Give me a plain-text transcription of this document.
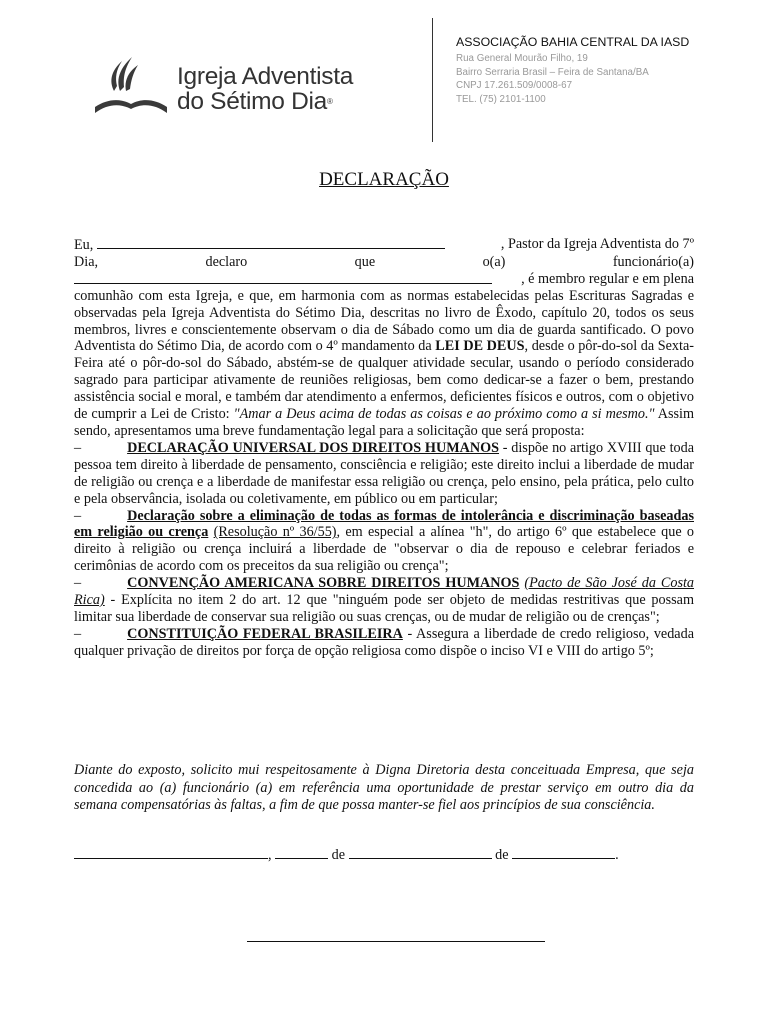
Igreja Adventista
do Sétimo Dia®
ASSOCIAÇÃO BAHIA CENTRAL DA IASD
Rua General Mourão Filho, 19
Bairro Serraria Brasil – Feira de Santana/BA
CNPJ 17.261.509/0008-67
TEL. (75) 2101-1100
DECLARAÇÃO
Eu,	, Pastor da Igreja Adventista do 7º
Dia,	declaro	que	o(a)	funcionário(a)
, é membro regular e em plena

comunhão com esta Igreja, e que, em harmonia com as normas estabelecidas pelas Escrituras Sagradas e observadas pela Igreja Adventista do Sétimo Dia, descritas no livro de Êxodo, capítulo 20, todos os seus membros, livres e conscientemente observam o dia de Sábado como um dia de guarda santificado. O povo Adventista do Sétimo Dia, de acordo com o 4º mandamento da LEI DE DEUS, desde o pôr-do-sol da Sexta-Feira até o pôr-do-sol do Sábado, abstém-se de qualquer atividade secular, usando o período considerado sagrado para participar ativamente de reuniões religiosas, bem como dedicar-se a fazer o bem, prestando assistência social e moral, e também dar atendimento a enfermos, deficientes físicos e outros, com o objetivo de cumprir a Lei de Cristo: "Amar a Deus acima de todas as coisas e ao próximo como a si mesmo." Assim sendo, apresentamos uma breve fundamentação legal para a solicitação que será proposta:

–	DECLARAÇÃO UNIVERSAL DOS DIREITOS HUMANOS - dispõe no artigo XVIII que toda pessoa tem direito à liberdade de pensamento, consciência e religião; este direito inclui a liberdade de mudar de religião ou crença e a liberdade de manifestar essa religião ou crença, pelo ensino, pela prática, pelo culto e pela observância, isolada ou coletivamente, em público ou em particular;

–	Declaração sobre a eliminação de todas as formas de intolerância e discriminação baseadas em religião ou crença (Resolução nº 36/55), em especial a alínea "h", do artigo 6º que estabelece que o direito à religião ou crença incluirá a liberdade de "observar o dia de repouso e celebrar feriados e cerimônias de acordo com os preceitos da sua religião ou crença";

–	CONVENÇÃO AMERICANA SOBRE DIREITOS HUMANOS (Pacto de São José da Costa Rica) - Explícita no item 2 do art. 12 que "ninguém pode ser objeto de medidas restritivas que possam limitar sua liberdade de conservar sua religião ou suas crenças, ou de mudar de religião ou de crenças";

–	CONSTITUIÇÃO FEDERAL BRASILEIRA - Assegura a liberdade de credo religioso, vedada qualquer privação de direitos por força de opção religiosa como dispõe o inciso VI e VIII do artigo 5º;

Diante do exposto, solicito mui respeitosamente à Digna Diretoria desta conceituada Empresa, que seja concedida ao (a) funcionário (a) em referência uma oportunidade de prestar serviço em outro dia da semana compensatórias às faltas, a fim de que possa manter-se fiel aos princípios de sua consciência.
,	de	de	.
